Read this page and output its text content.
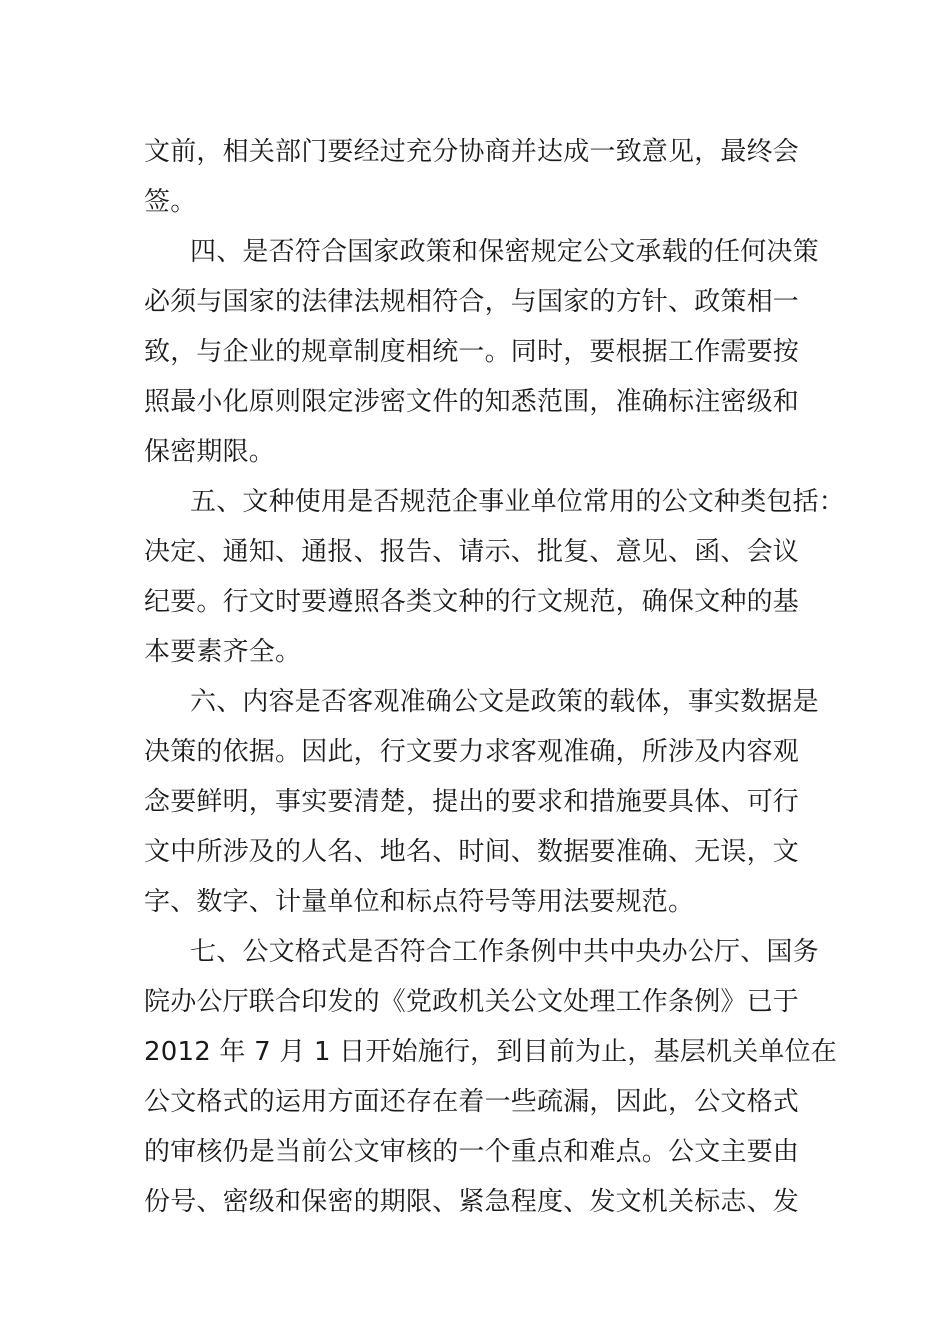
文前，相关部门要经过充分协商并达成一致意见，最终会
签。
四、是否符合国家政策和保密规定公文承载的任何决策
必须与国家的法律法规相符合，与国家的方针、政策相一
致，与企业的规章制度相统一。同时，要根据工作需要按
照最小化原则限定涉密文件的知悉范围，准确标注密级和
保密期限。
五、文种使用是否规范企事业单位常用的公文种类包括：
决定、通知、通报、报告、请示、批复、意见、函、会议
纪要。行文时要遵照各类文种的行文规范，确保文种的基
本要素齐全。
六、内容是否客观准确公文是政策的载体，事实数据是
决策的依据。因此，行文要力求客观准确，所涉及内容观
念要鲜明，事实要清楚，提出的要求和措施要具体、可行
文中所涉及的人名、地名、时间、数据要准确、无误，文
字、数字、计量单位和标点符号等用法要规范。
七、公文格式是否符合工作条例中共中央办公厅、国务
院办公厅联合印发的《党政机关公文处理工作条例》已于
2012 年 7 月 1 日开始施行，到目前为止，基层机关单位在
公文格式的运用方面还存在着一些疏漏，因此，公文格式
的审核仍是当前公文审核的一个重点和难点。公文主要由
份号、密级和保密的期限、紧急程度、发文机关标志、发
